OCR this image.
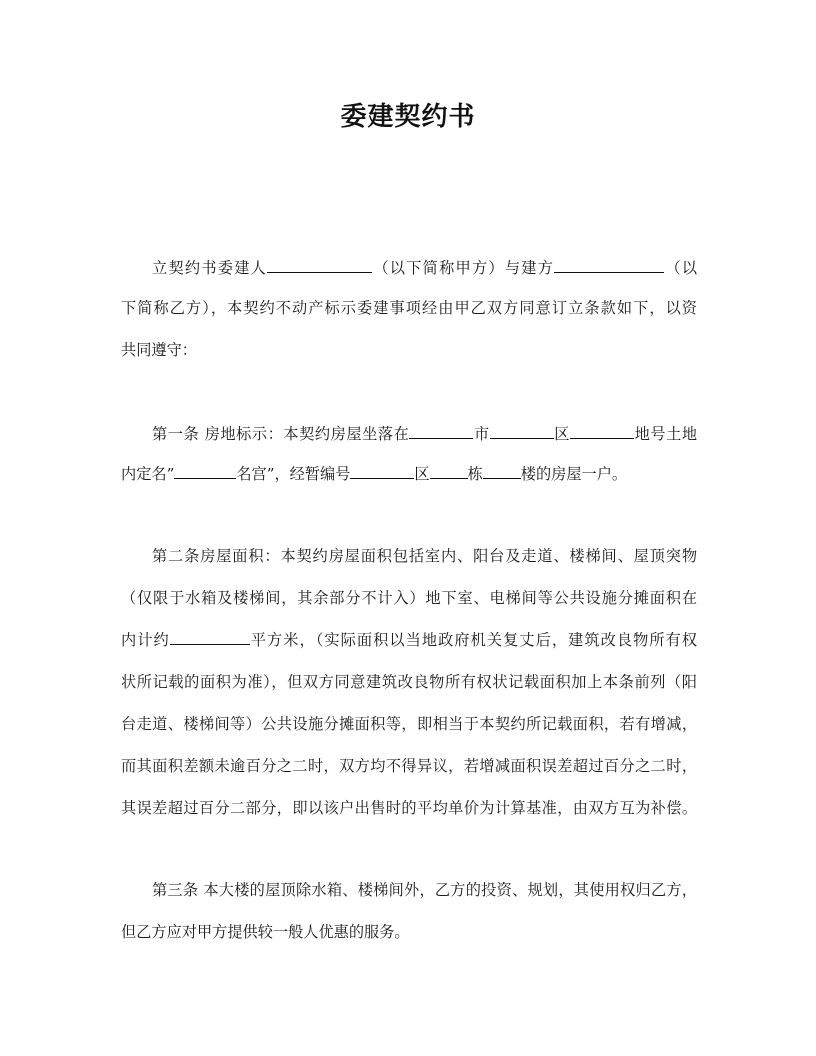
委建契约书
立契约书委建人	（以下简称甲方）与建方	（以
下简称乙方），本契约不动产标示委建事项经由甲乙双方同意订立条款如下，以资
共同遵守：
第一条 房地标示：本契约房屋坐落在	市	区	地号土地
内定名”	名宫”，经暂编号	区	栋	楼的房屋一户。
第二条房屋面积：本契约房屋面积包括室内、阳台及走道、楼梯间、屋顶突物
（仅限于水箱及楼梯间，其余部分不计入）地下室、电梯间等公共设施分摊面积在
内计约	平方米，（实际面积以当地政府机关复丈后，建筑改良物所有权
状所记载的面积为准），但双方同意建筑改良物所有权状记载面积加上本条前列（阳
台走道、楼梯间等）公共设施分摊面积等，即相当于本契约所记载面积，若有增减，
而其面积差额未逾百分之二时，双方均不得异议，若增减面积误差超过百分之二时，
其误差超过百分二部分，即以该户出售时的平均单价为计算基准，由双方互为补偿。
第三条 本大楼的屋顶除水箱、楼梯间外，乙方的投资、规划，其使用权归乙方，
但乙方应对甲方提供较一般人优惠的服务。
